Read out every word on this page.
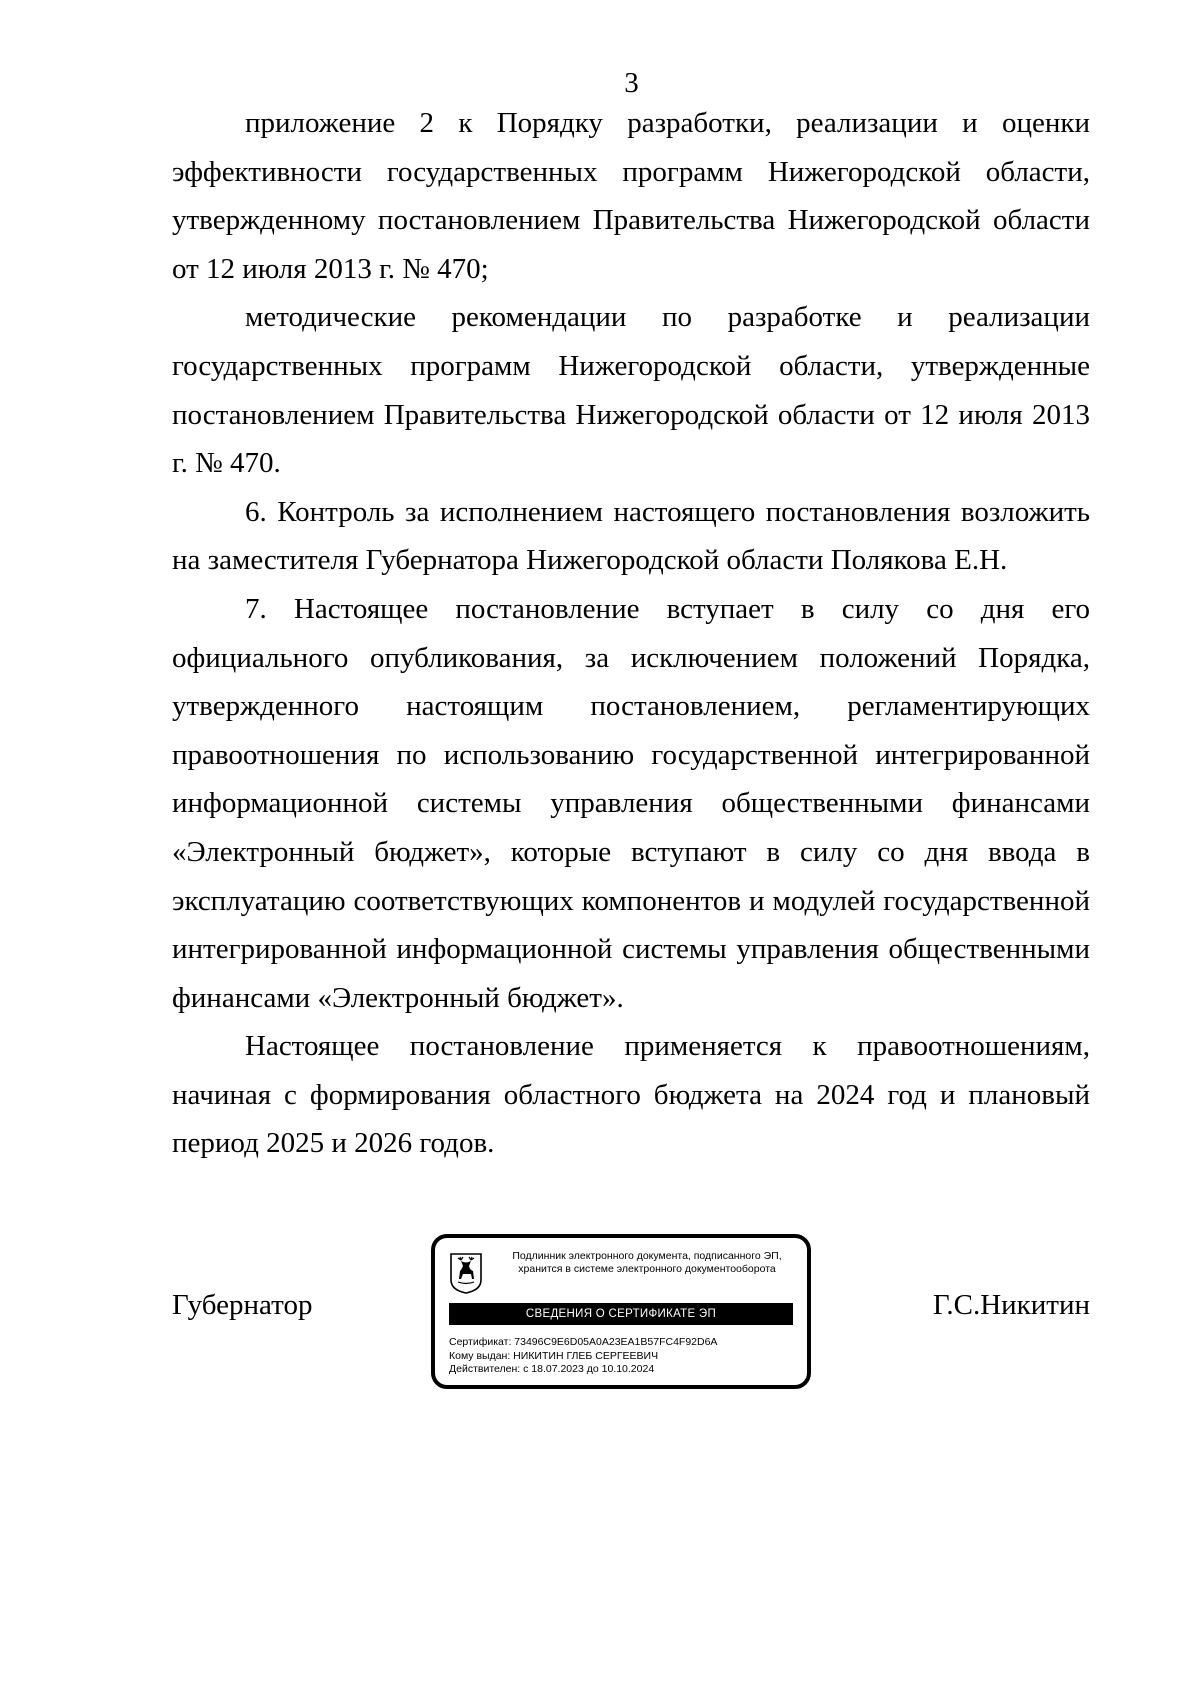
3

приложение 2 к Порядку разработки, реализации и оценки эффективности государственных программ Нижегородской области, утвержденному постановлением Правительства Нижегородской области от 12 июля 2013 г. № 470;

методические рекомендации по разработке и реализации государственных программ Нижегородской области, утвержденные постановлением Правительства Нижегородской области от 12 июля 2013 г. № 470.

6. Контроль за исполнением настоящего постановления возложить на заместителя Губернатора Нижегородской области Полякова Е.Н.

7. Настоящее постановление вступает в силу со дня его официального опубликования, за исключением положений Порядка, утвержденного настоящим постановлением, регламентирующих правоотношения по использованию государственной интегрированной информационной системы управления общественными финансами «Электронный бюджет», которые вступают в силу со дня ввода в эксплуатацию соответствующих компонентов и модулей государственной интегрированной информационной системы управления общественными финансами «Электронный бюджет».

Настоящее постановление применяется к правоотношениям, начиная с формирования областного бюджета на 2024 год и плановый период 2025 и 2026 годов.

Губернатор	Г.С.Никитин
Подлинник электронного документа, подписанного ЭП,
хранится в системе электронного документооборота
СВЕДЕНИЯ О СЕРТИФИКАТЕ ЭП
Сертификат: 73496C9E6D05A0A23EA1B57FC4F92D6A
Кому выдан: НИКИТИН ГЛЕБ СЕРГЕЕВИЧ
Действителен: с 18.07.2023 до 10.10.2024
